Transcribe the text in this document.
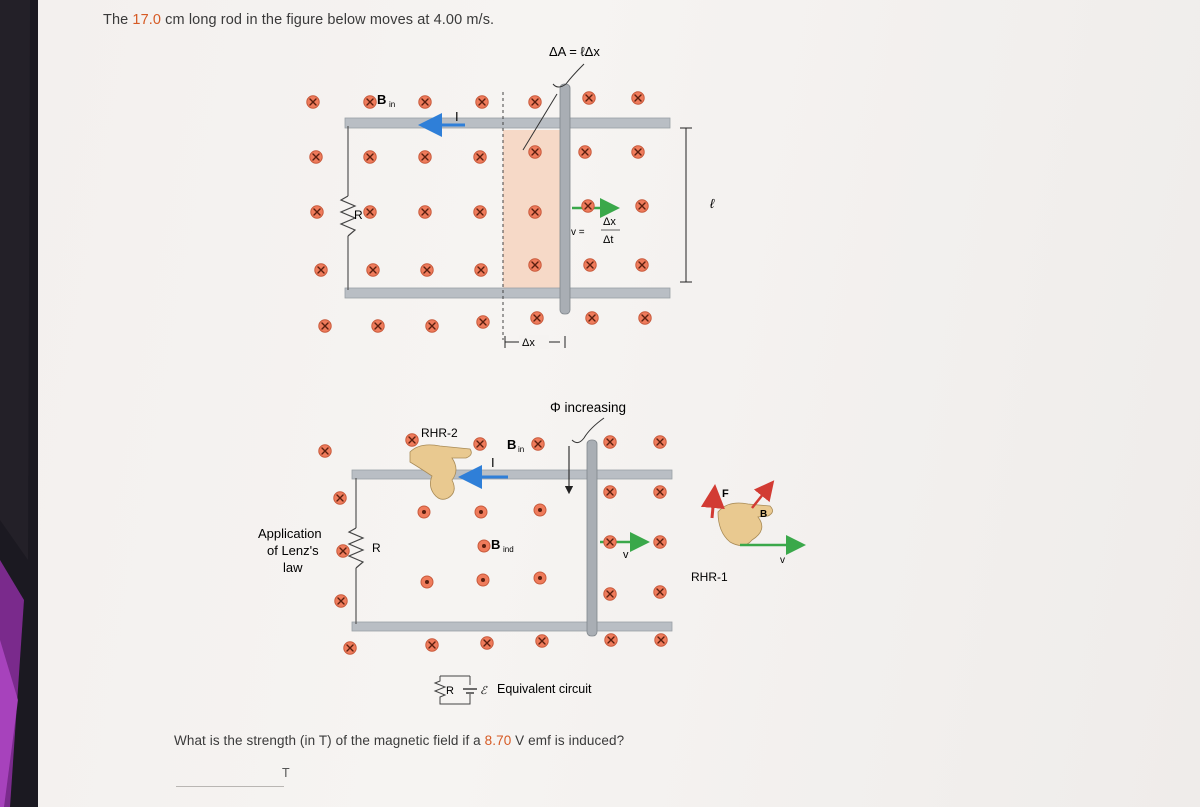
The 17.0 cm long rod in the figure below moves at 4.00 m/s.
R
I
B in
ΔA = ℓΔx
v =
Δx
Δt
ℓ
Δx
Φ increasing
R
I
RHR-2
B in
B ind
Application
of Lenz's
law
v
R ℰ Equivalent circuit
F
B
v
RHR-1
What is the strength (in T) of the magnetic field if a 8.70 V emf is induced?
T
